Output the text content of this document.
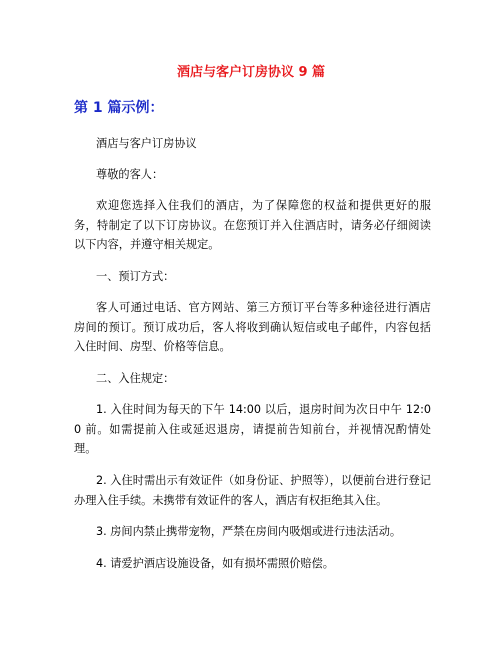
酒店与客户订房协议 9 篇
第 1 篇示例：
酒店与客户订房协议
尊敬的客人：
欢迎您选择入住我们的酒店，为了保障您的权益和提供更好的服务，特制定了以下订房协议。在您预订并入住酒店时，请务必仔细阅读以下内容，并遵守相关规定。
一、预订方式：
客人可通过电话、官方网站、第三方预订平台等多种途径进行酒店房间的预订。预订成功后，客人将收到确认短信或电子邮件，内容包括入住时间、房型、价格等信息。
二、入住规定：
1. 入住时间为每天的下午 14:00 以后，退房时间为次日中午 12:00 前。如需提前入住或延迟退房，请提前告知前台，并视情况酌情处理。
2. 入住时需出示有效证件（如身份证、护照等），以便前台进行登记办理入住手续。未携带有效证件的客人，酒店有权拒绝其入住。
3. 房间内禁止携带宠物，严禁在房间内吸烟或进行违法活动。
4. 请爱护酒店设施设备，如有损坏需照价赔偿。
